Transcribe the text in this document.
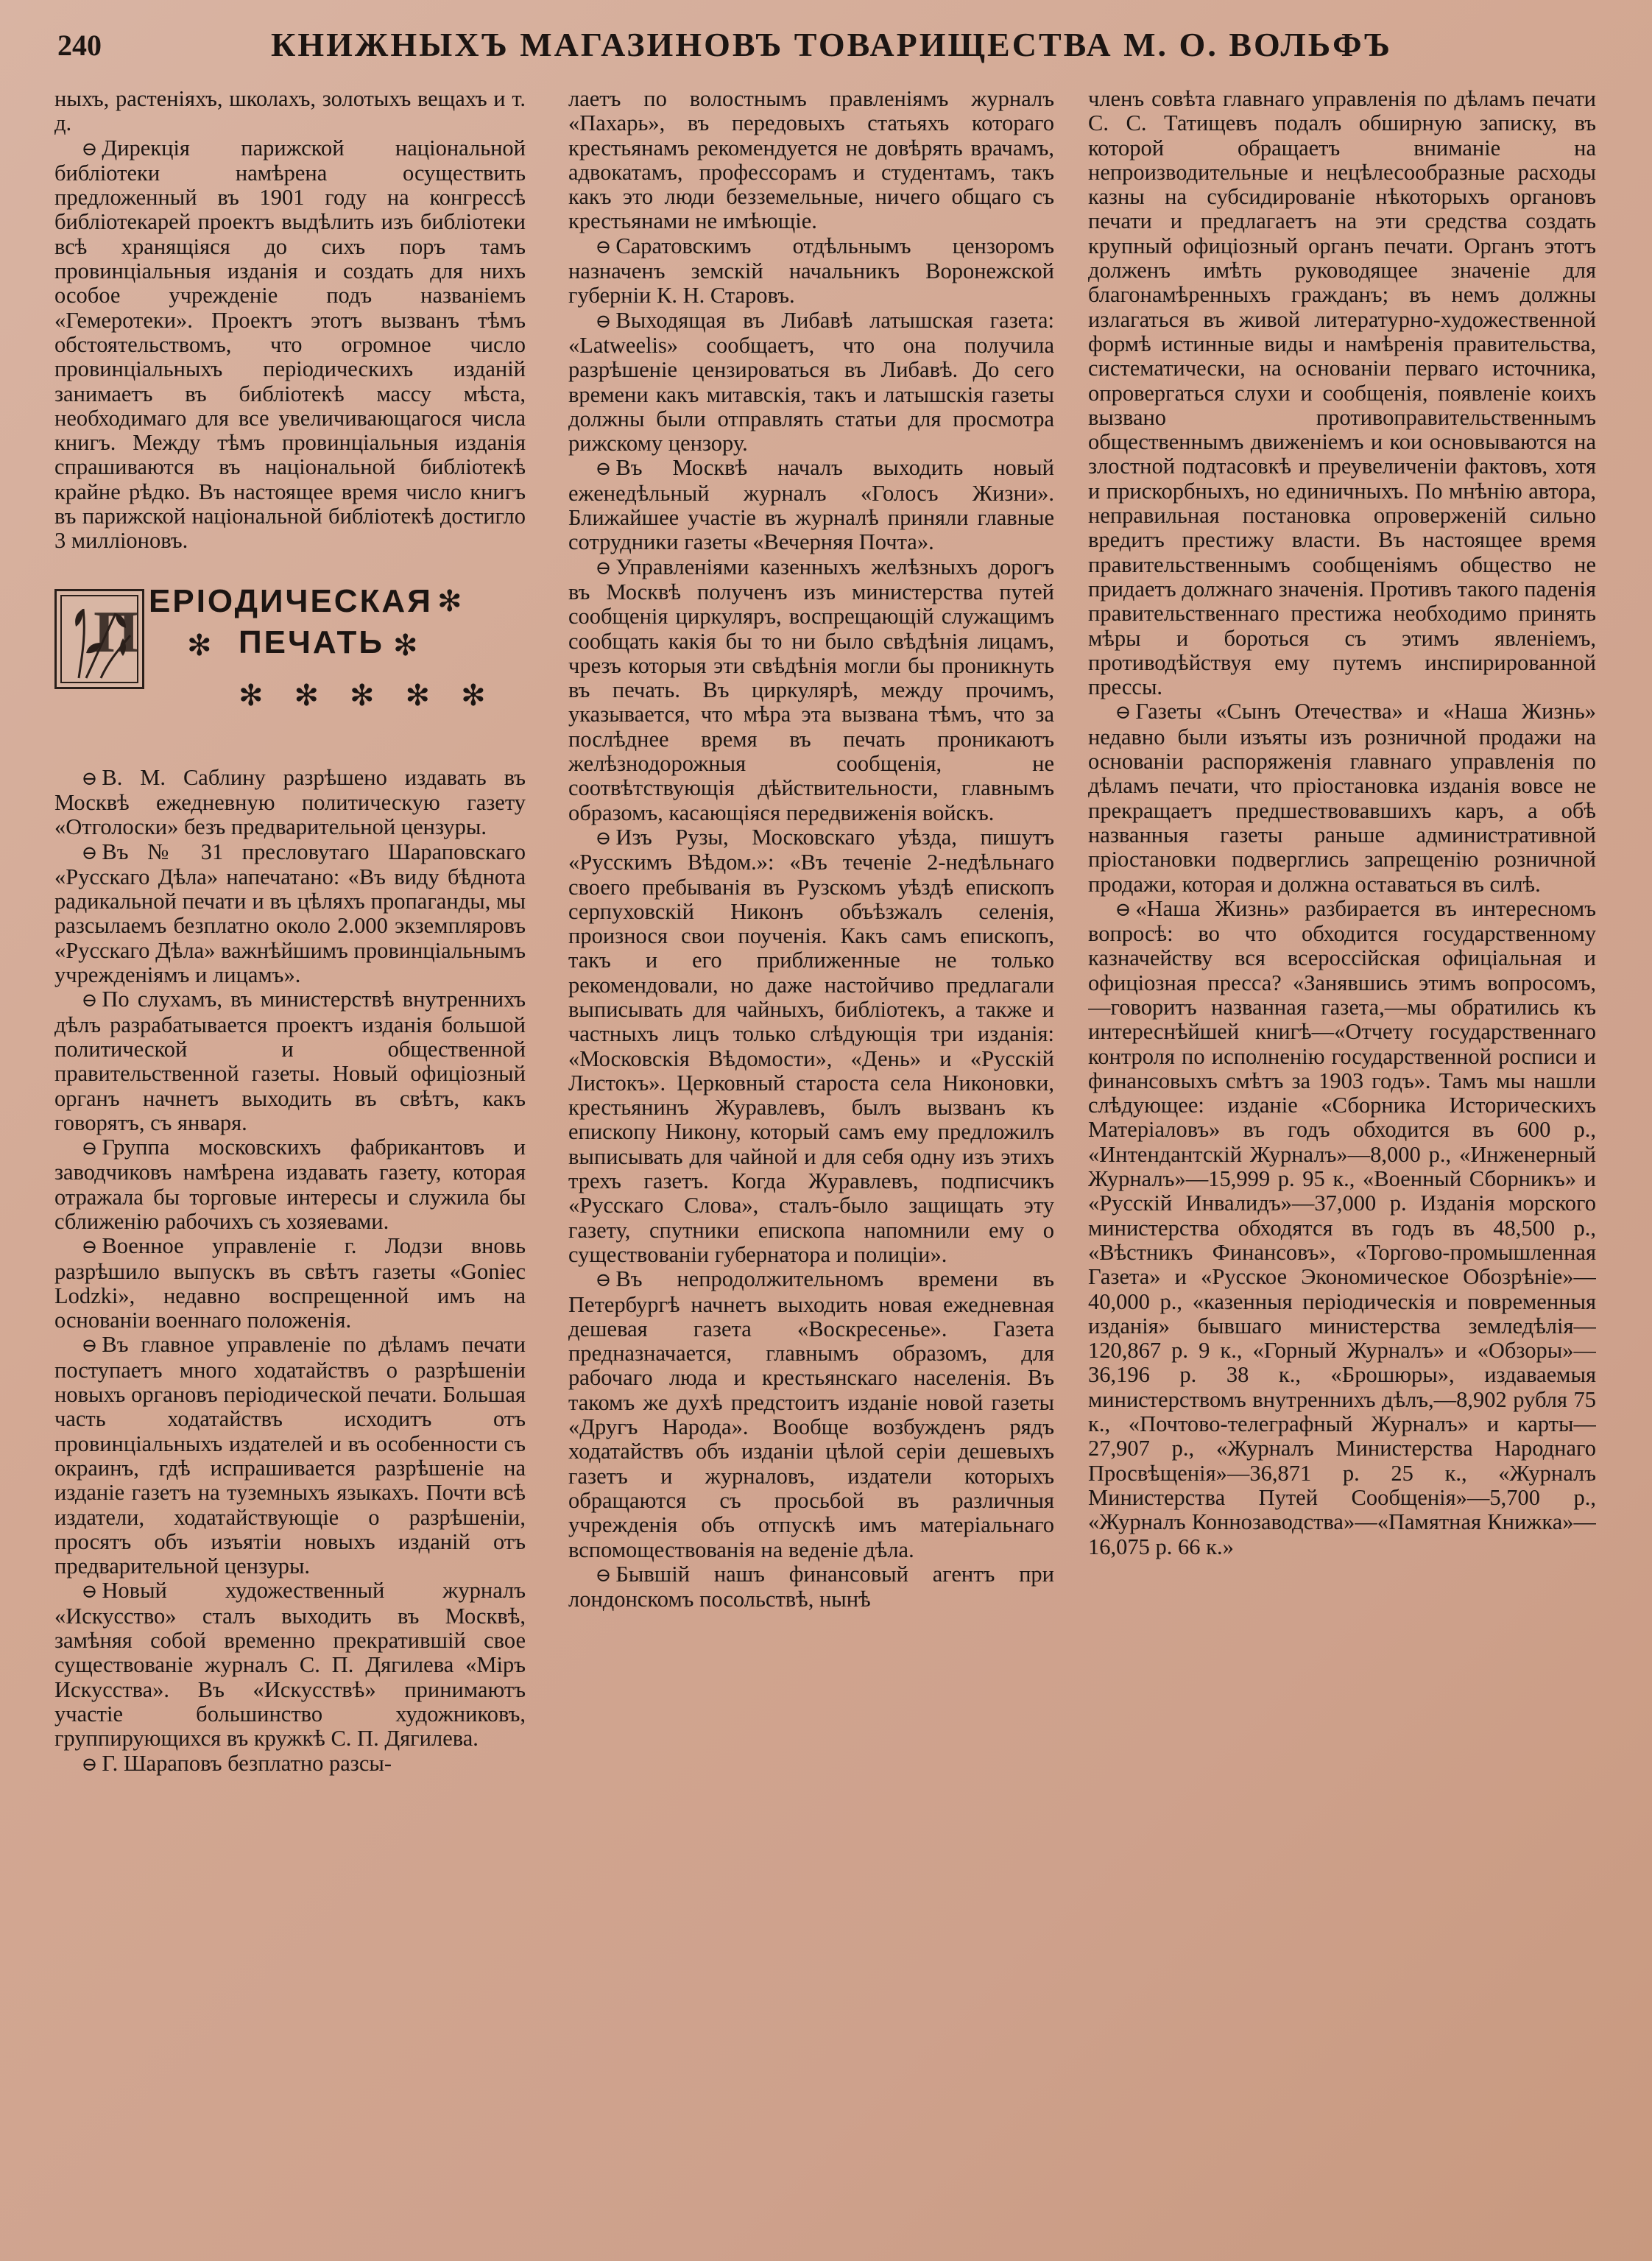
240	КНИЖНЫХЪ МАГАЗИНОВЪ ТОВАРИЩЕСТВА М. О. ВОЛЬФЪ

ныхъ, растеніяхъ, школахъ, золотыхъ вещахъ и т. д.

⊖ Дирекція парижской національной библіотеки намѣрена осуществить предложенный въ 1901 году на конгрессѣ библіотекарей проектъ выдѣлить изъ библіотеки всѣ хранящіяся до сихъ поръ тамъ провинціальныя изданія и создать для нихъ особое учрежденіе подъ названіемъ «Гемеротеки». Проектъ этотъ вызванъ тѣмъ обстоятельствомъ, что огромное число провинціальныхъ періодическихъ изданій занимаетъ въ библіотекѣ массу мѣста, необходимаго для все увеличивающагося числа книгъ. Между тѣмъ провинціальныя изданія спрашиваются въ національной библіотекѣ крайне рѣдко. Въ настоящее время число книгъ въ парижской національной библіотекѣ достигло 3 милліоновъ.

П ЕРІОДИЧЕСКАЯ ✻
✻ ПЕЧАТЬ ✻
✻✻✻✻✻

⊖ В. М. Саблину разрѣшено издавать въ Москвѣ ежедневную политическую газету «Отголоски» безъ предварительной цензуры.

⊖ Въ № 31 пресловутаго Шараповскаго «Русскаго Дѣла» напечатано: «Въ виду бѣднота радикальной печати и въ цѣляхъ пропаганды, мы разсылаемъ безплатно около 2.000 экземпляровъ «Русскаго Дѣла» важнѣйшимъ провинціальнымъ учрежденіямъ и лицамъ».

⊖ По слухамъ, въ министерствѣ внутреннихъ дѣлъ разрабатывается проектъ изданія большой политической и общественной правительственной газеты. Новый офиціозный органъ начнетъ выходить въ свѣтъ, какъ говорятъ, съ января.

⊖ Группа московскихъ фабрикантовъ и заводчиковъ намѣрена издавать газету, которая отражала бы торговые интересы и служила бы сближенію рабочихъ съ хозяевами.

⊖ Военное управленіе г. Лодзи вновь разрѣшило выпускъ въ свѣтъ газеты «Goniec Lodzki», недавно воспрещенной имъ на основаніи военнаго положенія.

⊖ Въ главное управленіе по дѣламъ печати поступаетъ много ходатайствъ о разрѣшеніи новыхъ органовъ періодической печати. Большая часть ходатайствъ исходитъ отъ провинціальныхъ издателей и въ особенности съ окраинъ, гдѣ испрашивается разрѣшеніе на изданіе газетъ на туземныхъ языкахъ. Почти всѣ издатели, ходатайствующіе о разрѣшеніи, просятъ объ изъятіи новыхъ изданій отъ предварительной цензуры.

⊖ Новый художественный журналъ «Искусство» сталъ выходить въ Москвѣ, замѣняя собой временно прекратившій свое существованіе журналъ С. П. Дягилева «Міръ Искусства». Въ «Искусствѣ» принимаютъ участіе большинство художниковъ, группирующихся въ кружкѣ С. П. Дягилева.

⊖ Г. Шараповъ безплатно разсы-

лаетъ по волостнымъ правленіямъ журналъ «Пахарь», въ передовыхъ статьяхъ котораго крестьянамъ рекомендуется не довѣрять врачамъ, адвокатамъ, профессорамъ и студентамъ, такъ какъ это люди безземельные, ничего общаго съ крестьянами не имѣющіе.

⊖ Саратовскимъ отдѣльнымъ цензоромъ назначенъ земскій начальникъ Воронежской губерніи К. Н. Старовъ.

⊖ Выходящая въ Либавѣ латышская газета: «Latweelis» сообщаетъ, что она получила разрѣшеніе цензироваться въ Либавѣ. До сего времени какъ митавскія, такъ и латышскія газеты должны были отправлять статьи для просмотра рижскому цензору.

⊖ Въ Москвѣ началъ выходить новый еженедѣльный журналъ «Голосъ Жизни». Ближайшее участіе въ журналѣ приняли главные сотрудники газеты «Вечерняя Почта».

⊖ Управленіями казенныхъ желѣзныхъ дорогъ въ Москвѣ полученъ изъ министерства путей сообщенія циркуляръ, воспрещающій служащимъ сообщать какія бы то ни было свѣдѣнія лицамъ, чрезъ которыя эти свѣдѣнія могли бы проникнуть въ печать. Въ циркулярѣ, между прочимъ, указывается, что мѣра эта вызвана тѣмъ, что за послѣднее время въ печать проникаютъ желѣзнодорожныя сообщенія, не соотвѣтствующія дѣйствительности, главнымъ образомъ, касающіяся передвиженія войскъ.

⊖ Изъ Рузы, Московскаго уѣзда, пишутъ «Русскимъ Вѣдом.»: «Въ теченіе 2-недѣльнаго своего пребыванія въ Рузскомъ уѣздѣ епископъ серпуховскій Никонъ объѣзжалъ селенія, произнося свои поученія. Какъ самъ епископъ, такъ и его приближенные не только рекомендовали, но даже настойчиво предлагали выписывать для чайныхъ, библіотекъ, а также и частныхъ лицъ только слѣдующія три изданія: «Московскія Вѣдомости», «День» и «Русскій Листокъ». Церковный староста села Никоновки, крестьянинъ Журавлевъ, былъ вызванъ къ епископу Никону, который самъ ему предложилъ выписывать для чайной и для себя одну изъ этихъ трехъ газетъ. Когда Журавлевъ, подписчикъ «Русскаго Слова», сталъ-было защищать эту газету, спутники епископа напомнили ему о существованіи губернатора и полиціи».

⊖ Въ непродолжительномъ времени въ Петербургѣ начнетъ выходить новая ежедневная дешевая газета «Воскресенье». Газета предназначается, главнымъ образомъ, для рабочаго люда и крестьянскаго населенія. Въ такомъ же духѣ предстоитъ изданіе новой газеты «Другъ Народа». Вообще возбужденъ рядъ ходатайствъ объ изданіи цѣлой серіи дешевыхъ газетъ и журналовъ, издатели которыхъ обращаются съ просьбой въ различныя учрежденія объ отпускѣ имъ матеріальнаго вспомоществованія на веденіе дѣла.

⊖ Бывшій нашъ финансовый агентъ при лондонскомъ посольствѣ, нынѣ

членъ совѣта главнаго управленія по дѣламъ печати С. С. Татищевъ подалъ обширную записку, въ которой обращаетъ вниманіе на непроизводительные и нецѣлесообразные расходы казны на субсидированіе нѣкоторыхъ органовъ печати и предлагаетъ на эти средства создать крупный офиціозный органъ печати. Органъ этотъ долженъ имѣть руководящее значеніе для благонамѣренныхъ гражданъ; въ немъ должны излагаться въ живой литературно-художественной формѣ истинные виды и намѣренія правительства, систематически, на основаніи перваго источника, опровергаться слухи и сообщенія, появленіе коихъ вызвано противоправительственнымъ общественнымъ движеніемъ и кои основываются на злостной подтасовкѣ и преувеличеніи фактовъ, хотя и прискорбныхъ, но единичныхъ. По мнѣнію автора, неправильная постановка опроверженій сильно вредитъ престижу власти. Въ настоящее время правительственнымъ сообщеніямъ общество не придаетъ должнаго значенія. Противъ такого паденія правительственнаго престижа необходимо принять мѣры и бороться съ этимъ явленіемъ, противодѣйствуя ему путемъ инспирированной прессы.

⊖ Газеты «Сынъ Отечества» и «Наша Жизнь» недавно были изъяты изъ розничной продажи на основаніи распоряженія главнаго управленія по дѣламъ печати, что пріостановка изданія вовсе не прекращаетъ предшествовавшихъ каръ, а обѣ названныя газеты раньше административной пріостановки подверглись запрещенію розничной продажи, которая и должна оставаться въ силѣ.

⊖ «Наша Жизнь» разбирается въ интересномъ вопросѣ: во что обходится государственному казначейству вся всероссійская офиціальная и офиціозная пресса? «Занявшись этимъ вопросомъ,—говоритъ названная газета,—мы обратились къ интереснѣйшей книгѣ—«Отчету государственнаго контроля по исполненію государственной росписи и финансовыхъ смѣтъ за 1903 годъ». Тамъ мы нашли слѣдующее: изданіе «Сборника Историческихъ Матеріаловъ» въ годъ обходится въ 600 р., «Интендантскій Журналъ»—8,000 р., «Инженерный Журналъ»—15,999 р. 95 к., «Военный Сборникъ» и «Русскій Инвалидъ»—37,000 р. Изданія морского министерства обходятся въ годъ въ 48,500 р., «Вѣстникъ Финансовъ», «Торгово-промышленная Газета» и «Русское Экономическое Обозрѣніе»—40,000 р., «казенныя періодическія и повременныя изданія» бывшаго министерства земледѣлія—120,867 р. 9 к., «Горный Журналъ» и «Обзоры»—36,196 р. 38 к., «Брошюры», издаваемыя министерствомъ внутреннихъ дѣлъ,—8,902 рубля 75 к., «Почтово-телеграфный Журналъ» и карты—27,907 р., «Журналъ Министерства Народнаго Просвѣщенія»—36,871 р. 25 к., «Журналъ Министерства Путей Сообщенія»—5,700 р., «Журналъ Коннозаводства»—«Памятная Книжка»—16,075 р. 66 к.»
